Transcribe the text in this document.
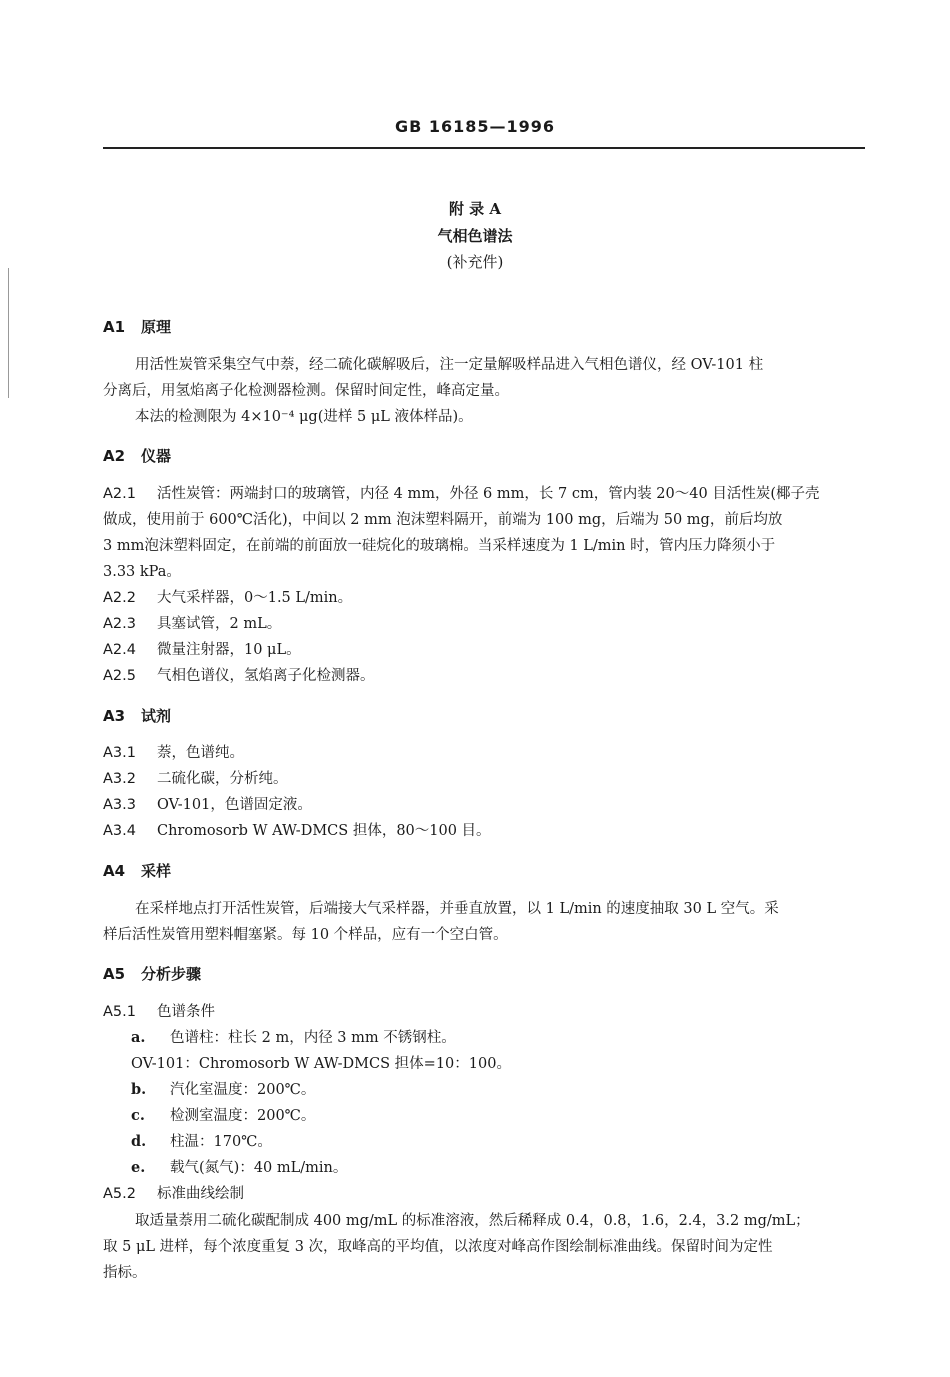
GB 16185—1996
附 录 A
气相色谱法
(补充件)
A1 原理
用活性炭管采集空气中萘，经二硫化碳解吸后，注一定量解吸样品进入气相色谱仪，经 OV-101 柱
分离后，用氢焰离子化检测器检测。保留时间定性，峰高定量。
本法的检测限为 4×10⁻⁴ μg(进样 5 μL 液体样品)。
A2 仪器
A2.1 活性炭管：两端封口的玻璃管，内径 4 mm，外径 6 mm，长 7 cm，管内装 20～40 目活性炭(椰子壳
做成，使用前于 600℃活化)，中间以 2 mm 泡沫塑料隔开，前端为 100 mg，后端为 50 mg，前后均放
3 mm泡沫塑料固定，在前端的前面放一硅烷化的玻璃棉。当采样速度为 1 L/min 时，管内压力降须小于
3.33 kPa。
A2.2 大气采样器，0～1.5 L/min。
A2.3 具塞试管，2 mL。
A2.4 微量注射器，10 μL。
A2.5 气相色谱仪，氢焰离子化检测器。
A3 试剂
A3.1 萘，色谱纯。
A3.2 二硫化碳，分析纯。
A3.3 OV-101，色谱固定液。
A3.4 Chromosorb W AW-DMCS 担体，80～100 目。
A4 采样
在采样地点打开活性炭管，后端接大气采样器，并垂直放置，以 1 L/min 的速度抽取 30 L 空气。采
样后活性炭管用塑料帽塞紧。每 10 个样品，应有一个空白管。
A5 分析步骤
A5.1 色谱条件
a. 色谱柱：柱长 2 m，内径 3 mm 不锈钢柱。
OV-101：Chromosorb W AW-DMCS 担体=10：100。
b. 汽化室温度：200℃。
c. 检测室温度：200℃。
d. 柱温：170℃。
e. 载气(氮气)：40 mL/min。
A5.2 标准曲线绘制
取适量萘用二硫化碳配制成 400 mg/mL 的标准溶液，然后稀释成 0.4，0.8，1.6，2.4，3.2 mg/mL；
取 5 μL 进样，每个浓度重复 3 次，取峰高的平均值，以浓度对峰高作图绘制标准曲线。保留时间为定性
指标。
